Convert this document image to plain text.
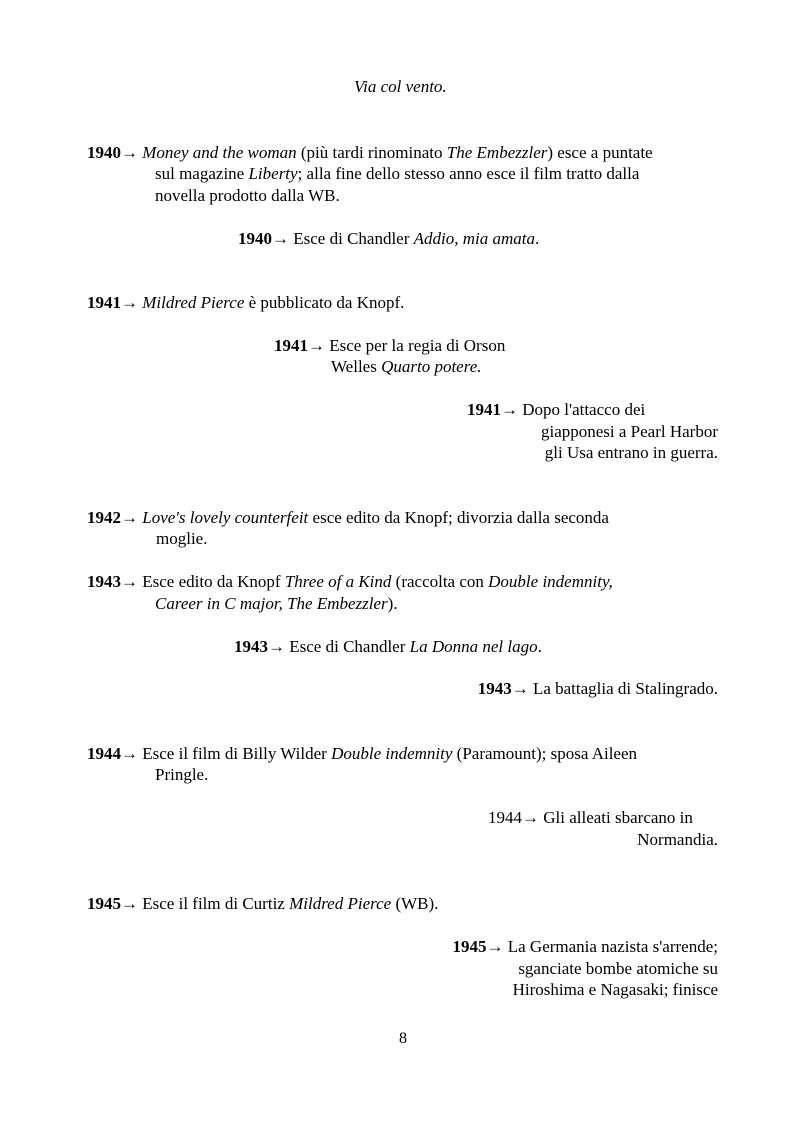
Via col vento.
1940→ Money and the woman (più tardi rinominato The Embezzler) esce a puntate
sul magazine Liberty; alla fine dello stesso anno esce il film tratto dalla
novella prodotto dalla WB.
1940→ Esce di Chandler Addio, mia amata.
1941→ Mildred Pierce è pubblicato da Knopf.
1941→ Esce per la regia di Orson
Welles Quarto potere.
1941→ Dopo l'attacco dei
giapponesi a Pearl Harbor
gli Usa entrano in guerra.
1942→ Love's lovely counterfeit esce edito da Knopf; divorzia dalla seconda
moglie.
1943→ Esce edito da Knopf Three of a Kind (raccolta con Double indemnity,
Career in C major, The Embezzler).
1943→ Esce di Chandler La Donna nel lago.
1943→ La battaglia di Stalingrado.
1944→ Esce il film di Billy Wilder Double indemnity (Paramount); sposa Aileen
Pringle.
1944→ Gli alleati sbarcano in
Normandia.
1945→ Esce il film di Curtiz Mildred Pierce (WB).
1945→ La Germania nazista s'arrende;
sganciate bombe atomiche su
Hiroshima e Nagasaki; finisce
8
